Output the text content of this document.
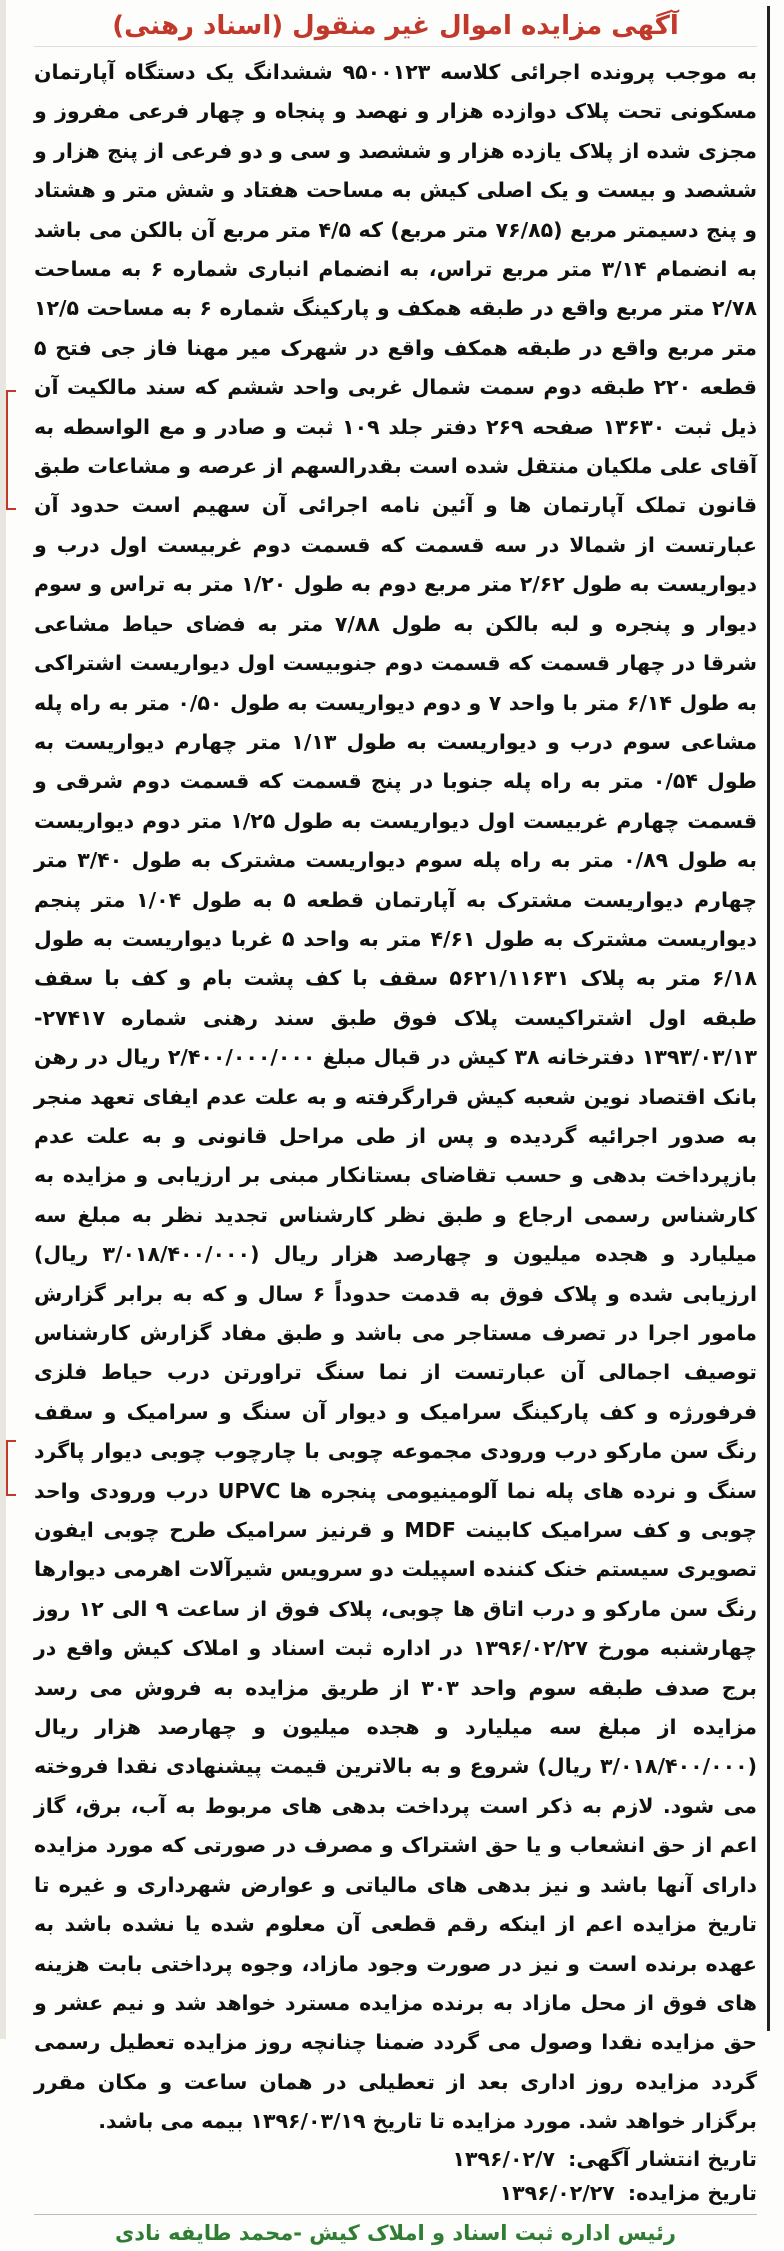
آگهی مزایده اموال غیر منقول (اسناد رهنی)

به موجب پرونده اجرائی کلاسه ۹۵۰۰۱۲۳ ششدانگ یک دستگاه آپارتمان مسکونی تحت پلاک دوازده هزار و نهصد و پنجاه و چهار فرعی مفروز و مجزی شده از پلاک یازده هزار و ششصد و سی و دو فرعی از پنج هزار و ششصد و بیست و یک اصلی کیش به مساحت هفتاد و شش متر و هشتاد و پنج دسیمتر مربع (۷۶/۸۵ متر مربع) که ۴/۵ متر مربع آن بالکن می باشد به انضمام ۳/۱۴ متر مربع تراس، به انضمام انباری شماره ۶ به مساحت ۲/۷۸ متر مربع واقع در طبقه همکف و پارکینگ شماره ۶ به مساحت ۱۲/۵ متر مربع واقع در طبقه همکف واقع در شهرک میر مهنا فاز جی فتح ۵ قطعه ۲۲۰ طبقه دوم سمت شمال غربی واحد ششم که سند مالکیت آن ذیل ثبت ۱۳۶۳۰ صفحه ۲۶۹ دفتر جلد ۱۰۹ ثبت و صادر و مع الواسطه به آقای علی ملکیان منتقل شده است بقدرالسهم از عرصه و مشاعات طبق قانون تملک آپارتمان ها و آئین نامه اجرائی آن سهیم است حدود آن عبارتست از شمالا در سه قسمت که قسمت دوم غربیست اول درب و دیواریست به طول ۲/۶۲ متر مربع دوم به طول ۱/۲۰ متر به تراس و سوم دیوار و پنجره و لبه بالکن به طول ۷/۸۸ متر به فضای حیاط مشاعی شرقا در چهار قسمت که قسمت دوم جنوبیست اول دیواریست اشتراکی به طول ۶/۱۴ متر با واحد ۷ و دوم دیواریست به طول ۰/۵۰ متر به راه پله مشاعی سوم درب و دیواریست به طول ۱/۱۳ متر چهارم دیواریست به طول ۰/۵۴ متر به راه پله جنوبا در پنج قسمت که قسمت دوم شرقی و قسمت چهارم غربیست اول دیواریست به طول ۱/۲۵ متر دوم دیواریست به طول ۰/۸۹ متر به راه پله سوم دیواریست مشترک به طول ۳/۴۰ متر چهارم دیواریست مشترک به آپارتمان قطعه ۵ به طول ۱/۰۴ متر پنجم دیواریست مشترک به طول ۴/۶۱ متر به واحد ۵ غربا دیواریست به طول ۶/۱۸ متر به پلاک ۵۶۲۱/۱۱۶۳۱ سقف با کف پشت بام و کف با سقف طبقه اول اشتراکیست پلاک فوق طبق سند رهنی شماره ۲۷۴۱۷- ۱۳۹۳/۰۳/۱۳ دفترخانه ۳۸ کیش در قبال مبلغ ۲/۴۰۰/۰۰۰/۰۰۰ ریال در رهن بانک اقتصاد نوین شعبه کیش قرارگرفته و به علت عدم ایفای تعهد منجر به صدور اجرائیه گردیده و پس از طی مراحل قانونی و به علت عدم بازپرداخت بدهی و حسب تقاضای بستانکار مبنی بر ارزیابی و مزایده به کارشناس رسمی ارجاع و طبق نظر کارشناس تجدید نظر به مبلغ سه میلیارد و هجده میلیون و چهارصد هزار ریال (۳/۰۱۸/۴۰۰/۰۰۰ ریال) ارزیابی شده و پلاک فوق به قدمت حدوداً ۶ سال و که به برابر گزارش مامور اجرا در تصرف مستاجر می باشد و طبق مفاد گزارش کارشناس توصیف اجمالی آن عبارتست از نما سنگ تراورتن درب حیاط فلزی فرفورژه و کف پارکینگ سرامیک و دیوار آن سنگ و سرامیک و سقف رنگ سن مارکو درب ورودی مجموعه چوبی با چارچوب چوبی دیوار پاگرد سنگ و نرده های پله نما آلومینیومی پنجره ها UPVC درب ورودی واحد چوبی و کف سرامیک کابینت MDF و قرنیز سرامیک طرح چوبی ایفون تصویری سیستم خنک کننده اسپیلت دو سرویس شیرآلات اهرمی دیوارها رنگ سن مارکو و درب اتاق ها چوبی، پلاک فوق از ساعت ۹ الی ۱۲ روز چهارشنبه مورخ ۱۳۹۶/۰۲/۲۷ در اداره ثبت اسناد و املاک کیش واقع در برج صدف طبقه سوم واحد ۳۰۳ از طریق مزایده به فروش می رسد مزایده از مبلغ سه میلیارد و هجده میلیون و چهارصد هزار ریال (۳/۰۱۸/۴۰۰/۰۰۰ ریال) شروع و به بالاترین قیمت پیشنهادی نقدا فروخته می شود. لازم به ذکر است پرداخت بدهی های مربوط به آب، برق، گاز اعم از حق انشعاب و یا حق اشتراک و مصرف در صورتی که مورد مزایده دارای آنها باشد و نیز بدهی های مالیاتی و عوارض شهرداری و غیره تا تاریخ مزایده اعم از اینکه رقم قطعی آن معلوم شده یا نشده باشد به عهده برنده است و نیز در صورت وجود مازاد، وجوه پرداختی بابت هزینه های فوق از محل مازاد به برنده مزایده مسترد خواهد شد و نیم عشر و حق مزایده نقدا وصول می گردد ضمنا چنانچه روز مزایده تعطیل رسمی گردد مزایده روز اداری بعد از تعطیلی در همان ساعت و مکان مقرر برگزار خواهد شد. مورد مزایده تا تاریخ ۱۳۹۶/۰۳/۱۹ بیمه می باشد.

تاریخ انتشار آگهی: ۱۳۹۶/۰۲/۷

تاریخ مزایده: ۱۳۹۶/۰۲/۲۷

رئیس اداره ثبت اسناد و املاک کیش -محمد طایفه نادی
